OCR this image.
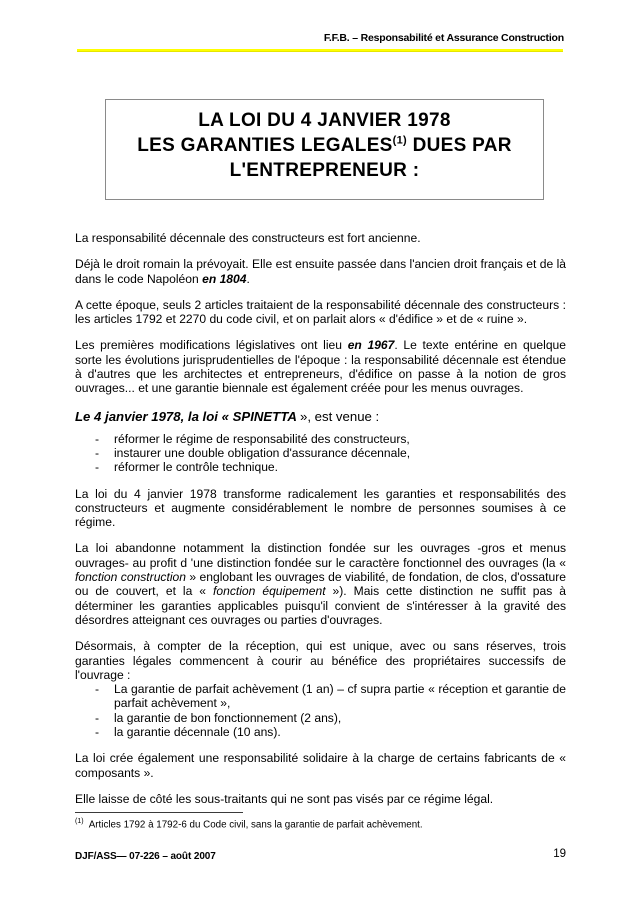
F.F.B. – Responsabilité et Assurance Construction
LA LOI DU 4 JANVIER 1978
LES GARANTIES LEGALES$^{(1)}$ DUES PAR
L'ENTREPRENEUR :
La responsabilité décennale des constructeurs est fort ancienne.
Déjà le droit romain la prévoyait. Elle est ensuite passée dans l'ancien droit français et de là dans le code Napoléon en 1804.
A cette époque, seuls 2 articles traitaient de la responsabilité décennale des constructeurs : les articles 1792 et 2270 du code civil, et on parlait alors « d'édifice » et de « ruine ».
Les premières modifications législatives ont lieu en 1967. Le texte entérine en quelque sorte les évolutions jurisprudentielles de l'époque : la responsabilité décennale est étendue à d'autres que les architectes et entrepreneurs, d'édifice on passe à la notion de gros ouvrages... et une garantie biennale est également créée pour les menus ouvrages.
Le 4 janvier 1978, la loi « SPINETTA », est venue :
-	réformer le régime de responsabilité des constructeurs,
-	instaurer une double obligation d'assurance décennale,
-	réformer le contrôle technique.
La loi du 4 janvier 1978 transforme radicalement les garanties et responsabilités des constructeurs et augmente considérablement le nombre de personnes soumises à ce régime.
La loi abandonne notamment la distinction fondée sur les ouvrages -gros et menus ouvrages- au profit d 'une distinction fondée sur le caractère fonctionnel des ouvrages (la « fonction construction » englobant les ouvrages de viabilité, de fondation, de clos, d'ossature ou de couvert, et la « fonction équipement »). Mais cette distinction ne suffit pas à déterminer les garanties applicables puisqu'il convient de s'intéresser à la gravité des désordres atteignant ces ouvrages ou parties d'ouvrages.
Désormais, à compter de la réception, qui est unique, avec ou sans réserves, trois garanties légales commencent à courir au bénéfice des propriétaires successifs de l'ouvrage :
-	La garantie de parfait achèvement (1 an) – cf supra partie « réception et garantie de parfait achèvement »,
-	la garantie de bon fonctionnement (2 ans),
-	la garantie décennale (10 ans).
La loi crée également une responsabilité solidaire à la charge de certains fabricants de « composants ».
Elle laisse de côté les sous-traitants qui ne sont pas visés par ce régime légal.
$^{(1)}$ Articles 1792 à 1792-6 du Code civil, sans la garantie de parfait achèvement.
DJF/ASS— 07-226 – août 2007	19
